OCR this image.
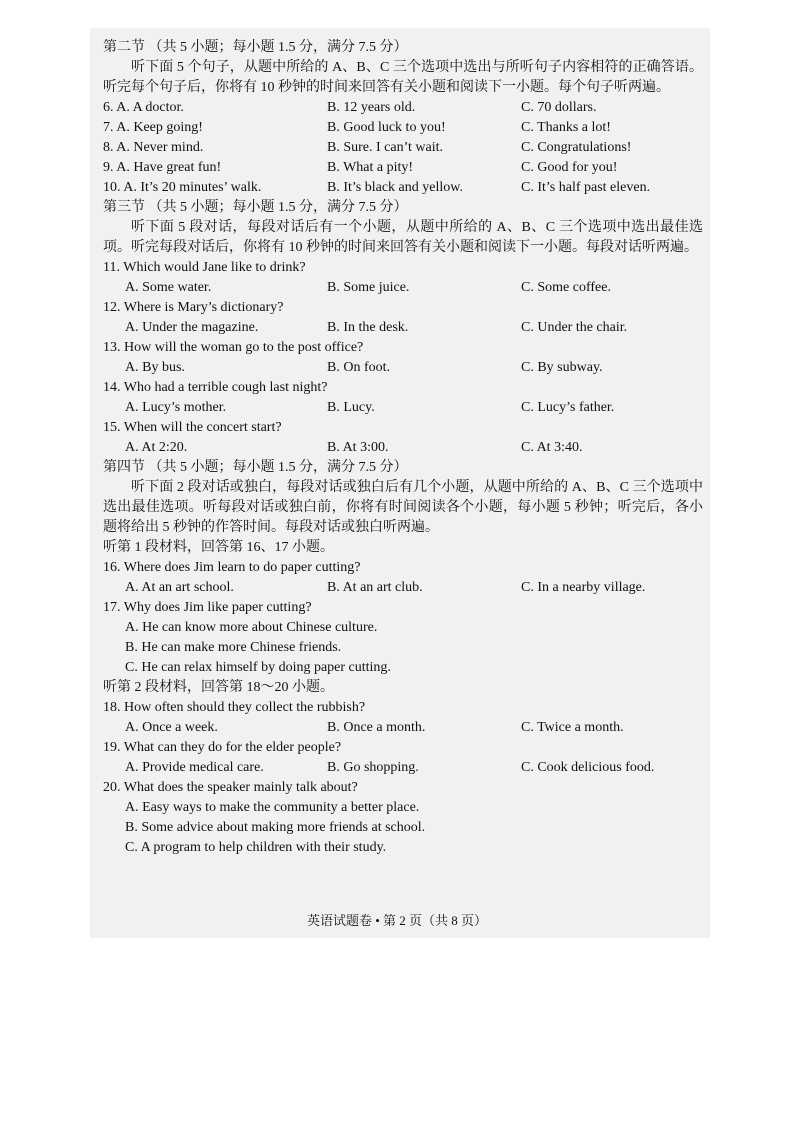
第二节 （共 5 小题；每小题 1.5 分，满分 7.5 分）
听下面 5 个句子，从题中所给的 A、B、C 三个选项中选出与所听句子内容相符的正确答语。听完每个句子后，你将有 10 秒钟的时间来回答有关小题和阅读下一小题。每个句子听两遍。
6. A. A doctor.	B. 12 years old.	C. 70 dollars.
7. A. Keep going!	B. Good luck to you!	C. Thanks a lot!
8. A. Never mind.	B. Sure. I can’t wait.	C. Congratulations!
9. A. Have great fun!	B. What a pity!	C. Good for you!
10. A. It’s 20 minutes’ walk.	B. It’s black and yellow.	C. It’s half past eleven.
第三节 （共 5 小题；每小题 1.5 分，满分 7.5 分）
听下面 5 段对话，每段对话后有一个小题，从题中所给的 A、B、C 三个选项中选出最佳选项。听完每段对话后，你将有 10 秒钟的时间来回答有关小题和阅读下一小题。每段对话听两遍。
11. Which would Jane like to drink?
A. Some water.	B. Some juice.	C. Some coffee.
12. Where is Mary’s dictionary?
A. Under the magazine.	B. In the desk.	C. Under the chair.
13. How will the woman go to the post office?
A. By bus.	B. On foot.	C. By subway.
14. Who had a terrible cough last night?
A. Lucy’s mother.	B. Lucy.	C. Lucy’s father.
15. When will the concert start?
A. At 2:20.	B. At 3:00.	C. At 3:40.
第四节 （共 5 小题；每小题 1.5 分，满分 7.5 分）
听下面 2 段对话或独白，每段对话或独白后有几个小题，从题中所给的 A、B、C 三个选项中选出最佳选项。听每段对话或独白前，你将有时间阅读各个小题，每小题 5 秒钟；听完后，各小题将给出 5 秒钟的作答时间。每段对话或独白听两遍。
听第 1 段材料，回答第 16、17 小题。
16. Where does Jim learn to do paper cutting?
A. At an art school.	B. At an art club.	C. In a nearby village.
17. Why does Jim like paper cutting?
A. He can know more about Chinese culture.
B. He can make more Chinese friends.
C. He can relax himself by doing paper cutting.
听第 2 段材料，回答第 18～20 小题。
18. How often should they collect the rubbish?
A. Once a week.	B. Once a month.	C. Twice a month.
19. What can they do for the elder people?
A. Provide medical care.	B. Go shopping.	C. Cook delicious food.
20. What does the speaker mainly talk about?
A. Easy ways to make the community a better place.
B. Some advice about making more friends at school.
C. A program to help children with their study.
英语试题卷 • 第 2 页（共 8 页）
